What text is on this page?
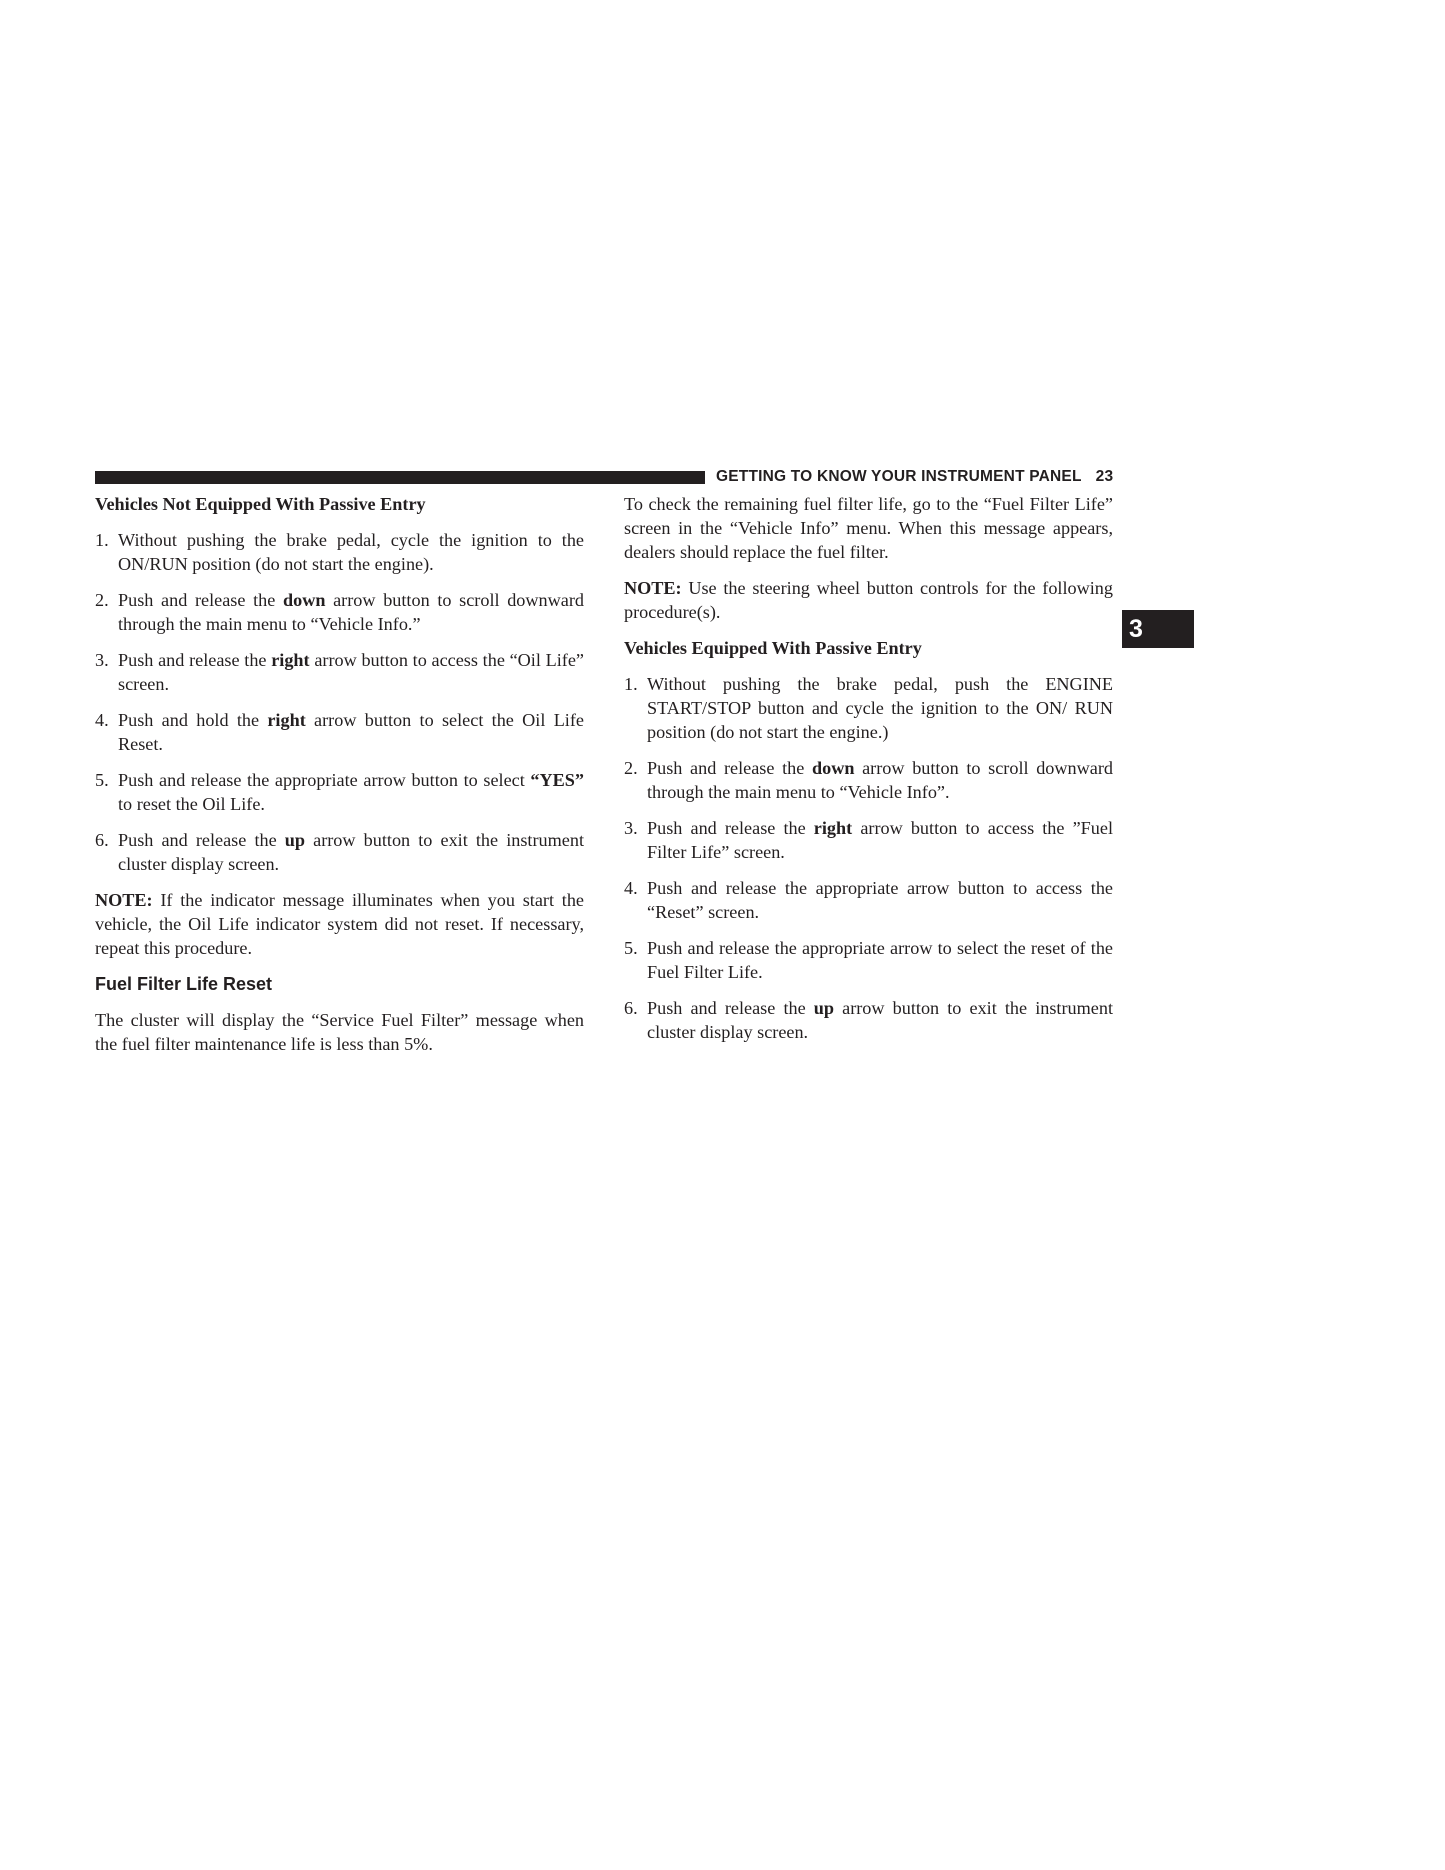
GETTING TO KNOW YOUR INSTRUMENT PANEL 23
3

Vehicles Not Equipped With Passive Entry

1. Without pushing the brake pedal, cycle the ignition to the ON/RUN position (do not start the engine).
2. Push and release the down arrow button to scroll downward through the main menu to “Vehicle Info.”
3. Push and release the right arrow button to access the “Oil Life” screen.
4. Push and hold the right arrow button to select the Oil Life Reset.
5. Push and release the appropriate arrow button to select “YES” to reset the Oil Life.
6. Push and release the up arrow button to exit the instrument cluster display screen.

NOTE: If the indicator message illuminates when you start the vehicle, the Oil Life indicator system did not reset. If necessary, repeat this procedure.

Fuel Filter Life Reset

The cluster will display the “Service Fuel Filter” message when the fuel filter maintenance life is less than 5%.

To check the remaining fuel filter life, go to the “Fuel Filter Life” screen in the “Vehicle Info” menu. When this message appears, dealers should replace the fuel filter.

NOTE: Use the steering wheel button controls for the following procedure(s).

Vehicles Equipped With Passive Entry

1. Without pushing the brake pedal, push the ENGINE START/STOP button and cycle the ignition to the ON/ RUN position (do not start the engine.)
2. Push and release the down arrow button to scroll downward through the main menu to “Vehicle Info”.
3. Push and release the right arrow button to access the ”Fuel Filter Life” screen.
4. Push and release the appropriate arrow button to access the “Reset” screen.
5. Push and release the appropriate arrow to select the reset of the Fuel Filter Life.
6. Push and release the up arrow button to exit the instrument cluster display screen.
